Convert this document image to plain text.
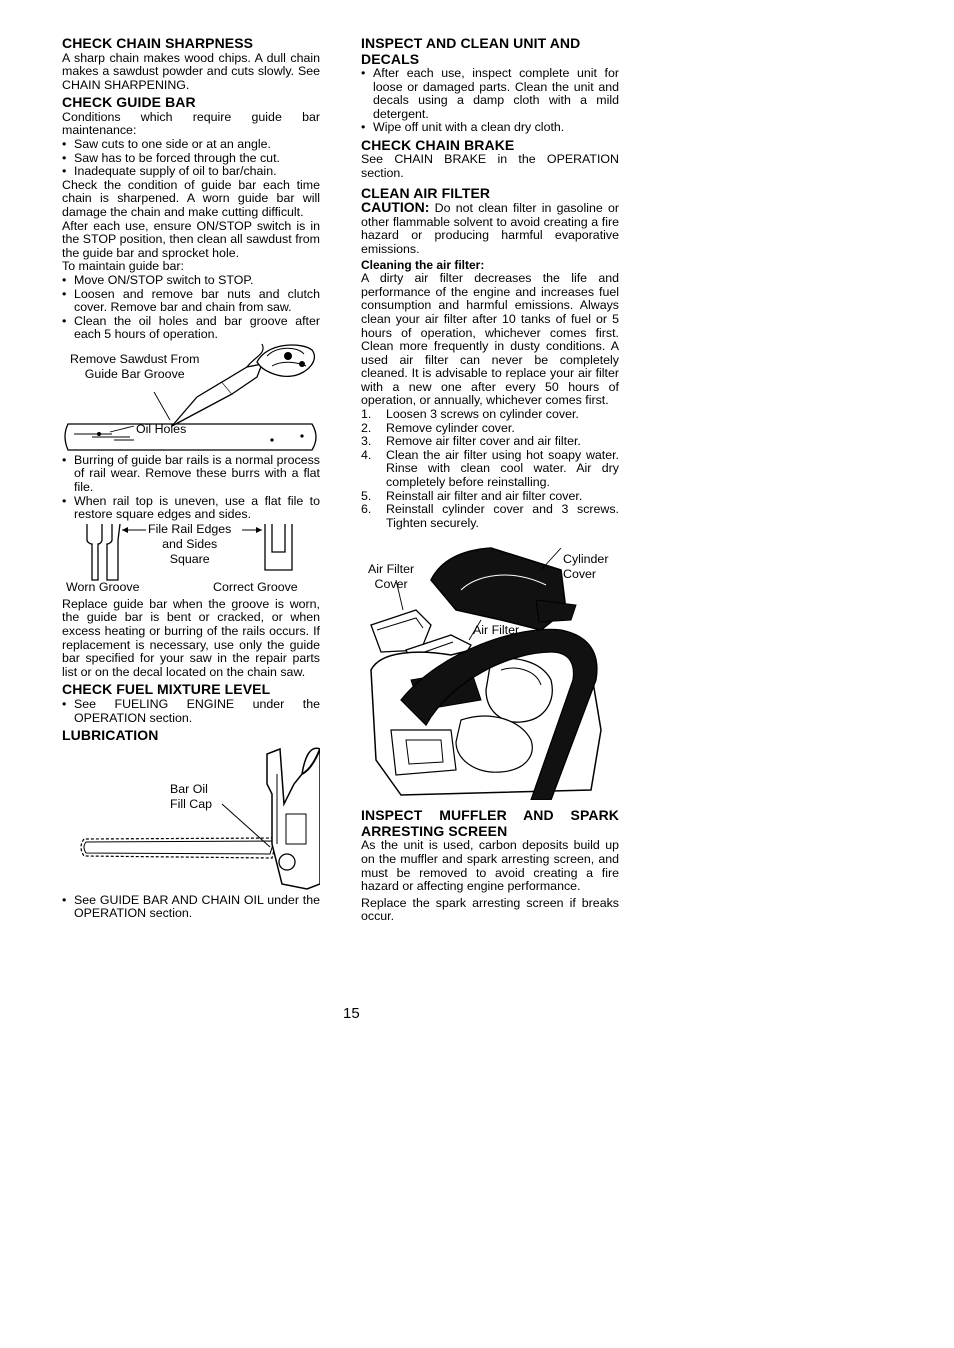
CHECK CHAIN SHARPNESS

A sharp chain makes wood chips. A dull chain makes a sawdust powder and cuts slowly. See CHAIN SHARPENING.

CHECK GUIDE BAR

Conditions which require guide bar maintenance:

• Saw cuts to one side or at an angle.
• Saw has to be forced through the cut.
• Inadequate supply of oil to bar/chain.

Check the condition of guide bar each time chain is sharpened. A worn guide bar will damage the chain and make cutting difficult.

After each use, ensure ON/STOP switch is in the STOP position, then clean all sawdust from the guide bar and sprocket hole.

To maintain guide bar:

• Move ON/STOP switch to STOP.
• Loosen and remove bar nuts and clutch cover. Remove bar and chain from saw.
• Clean the oil holes and bar groove after each 5 hours of operation.
Remove Sawdust From
Guide Bar Groove
Oil Holes
• Burring of guide bar rails is a normal process of rail wear. Remove these burrs with a flat file.
• When rail top is uneven, use a flat file to restore square edges and sides.
File Rail Edges
and Sides
Square
Worn Groove	Correct Groove

Replace guide bar when the groove is worn, the guide bar is bent or cracked, or when excess heating or burring of the rails occurs. If replacement is necessary, use only the guide bar specified for your saw in the repair parts list or on the decal located on the chain saw.

CHECK FUEL MIXTURE LEVEL
• See FUELING ENGINE under the OPERATION section.
LUBRICATION
Bar Oil
Fill Cap
• See GUIDE BAR AND CHAIN OIL under the OPERATION section.
INSPECT AND CLEAN UNIT AND DECALS
• After each use, inspect complete unit for loose or damaged parts. Clean the unit and decals using a damp cloth with a mild detergent.
• Wipe off unit with a clean dry cloth.
CHECK CHAIN BRAKE

See CHAIN BRAKE in the OPERATION section.

CLEAN AIR FILTER

CAUTION: Do not clean filter in gasoline or other flammable solvent to avoid creating a fire hazard or producing harmful evaporative emissions.

Cleaning the air filter:

A dirty air filter decreases the life and performance of the engine and increases fuel consumption and harmful emissions. Always clean your air filter after 10 tanks of fuel or 5 hours of operation, whichever comes first. Clean more frequently in dusty conditions. A used air filter can never be completely cleaned. It is advisable to replace your air filter with a new one after every 50 hours of operation, or annually, whichever comes first.

1. Loosen 3 screws on cylinder cover.
2. Remove cylinder cover.
3. Remove air filter cover and air filter.
4. Clean the air filter using hot soapy water. Rinse with clean cool water. Air dry completely before reinstalling.
5. Reinstall air filter and air filter cover.
6. Reinstall cylinder cover and 3 screws. Tighten securely.
Air Filter
Cover
Cylinder
Cover
Air Filter
INSPECT MUFFLER AND SPARK ARRESTING SCREEN

As the unit is used, carbon deposits build up on the muffler and spark arresting screen, and must be removed to avoid creating a fire hazard or affecting engine performance.

Replace the spark arresting screen if breaks occur.

15
